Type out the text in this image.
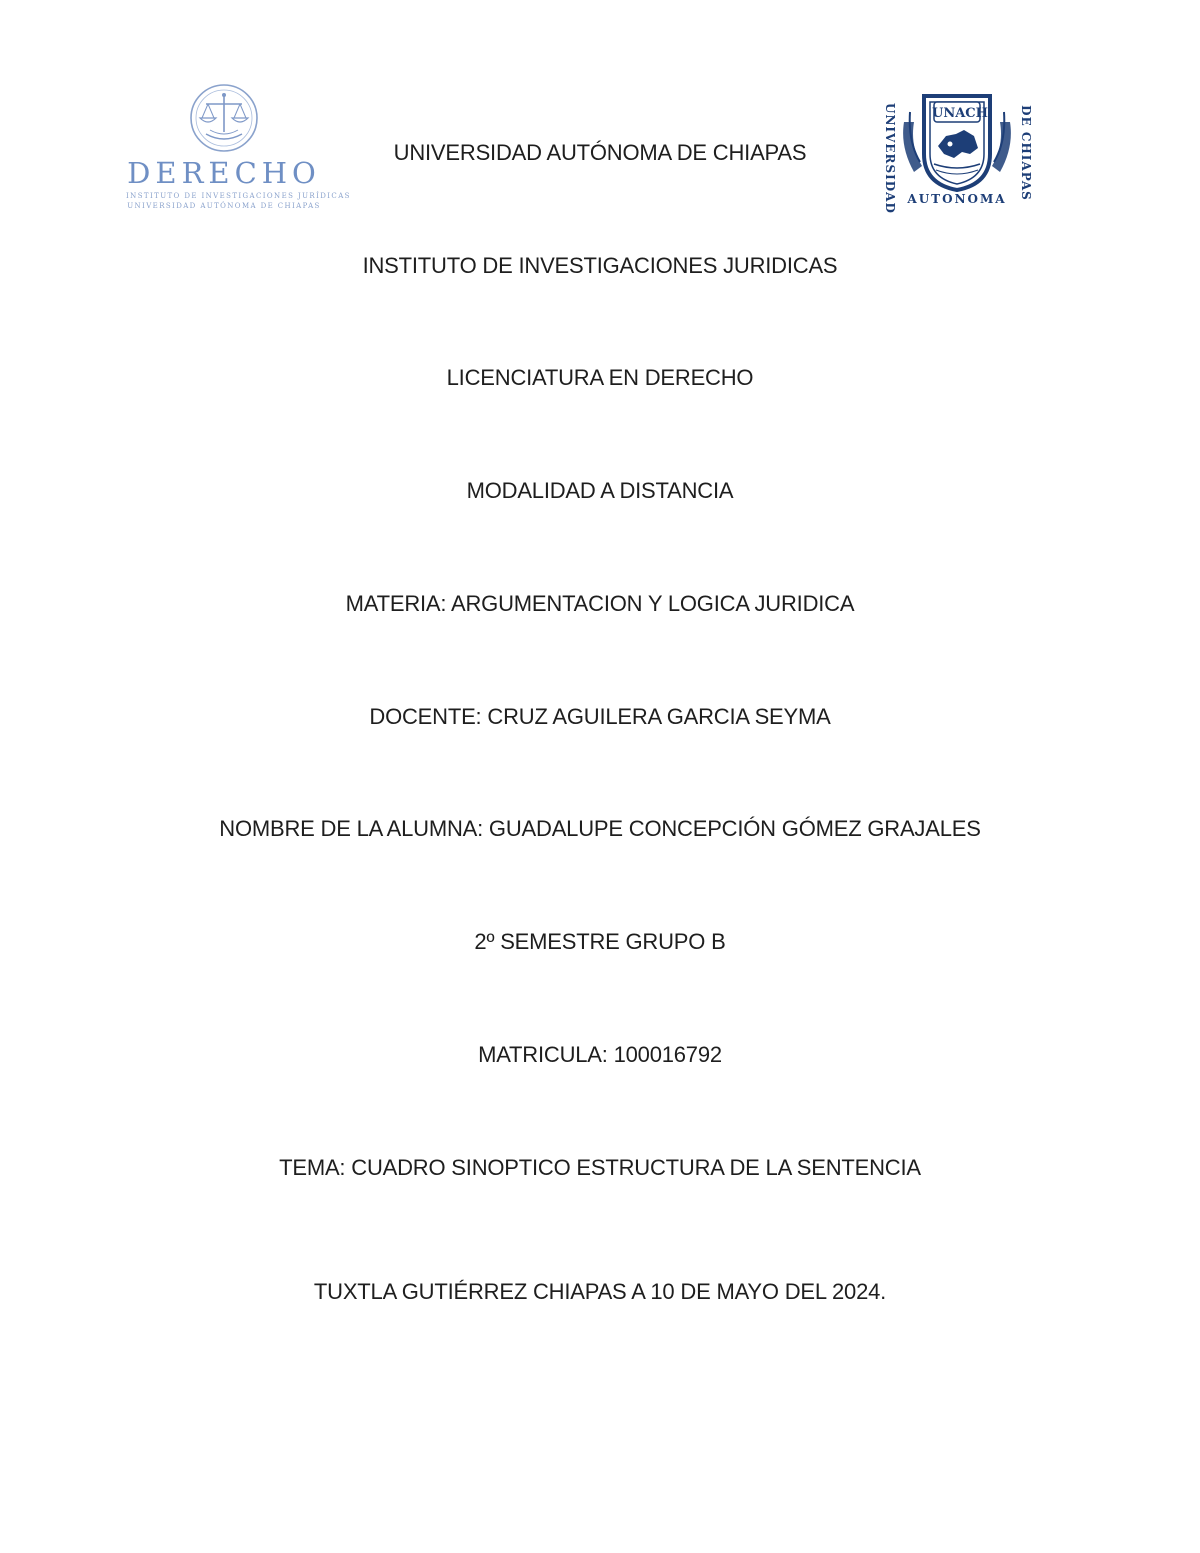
DERECHO
INSTITUTO DE INVESTIGACIONES JURÍDICAS
UNIVERSIDAD AUTÓNOMA DE CHIAPAS	UNIVERSIDAD	UNACH	DE CHIAPAS
AUTONOMA
UNIVERSIDAD AUTÓNOMA DE CHIAPAS
INSTITUTO DE INVESTIGACIONES JURIDICAS
LICENCIATURA EN DERECHO
MODALIDAD A DISTANCIA
MATERIA: ARGUMENTACION Y LOGICA JURIDICA
DOCENTE: CRUZ AGUILERA GARCIA SEYMA
NOMBRE DE LA ALUMNA: GUADALUPE CONCEPCIÓN GÓMEZ GRAJALES
2º SEMESTRE GRUPO B
MATRICULA: 100016792
TEMA: CUADRO SINOPTICO ESTRUCTURA DE LA SENTENCIA
TUXTLA GUTIÉRREZ CHIAPAS A 10 DE MAYO DEL 2024.
